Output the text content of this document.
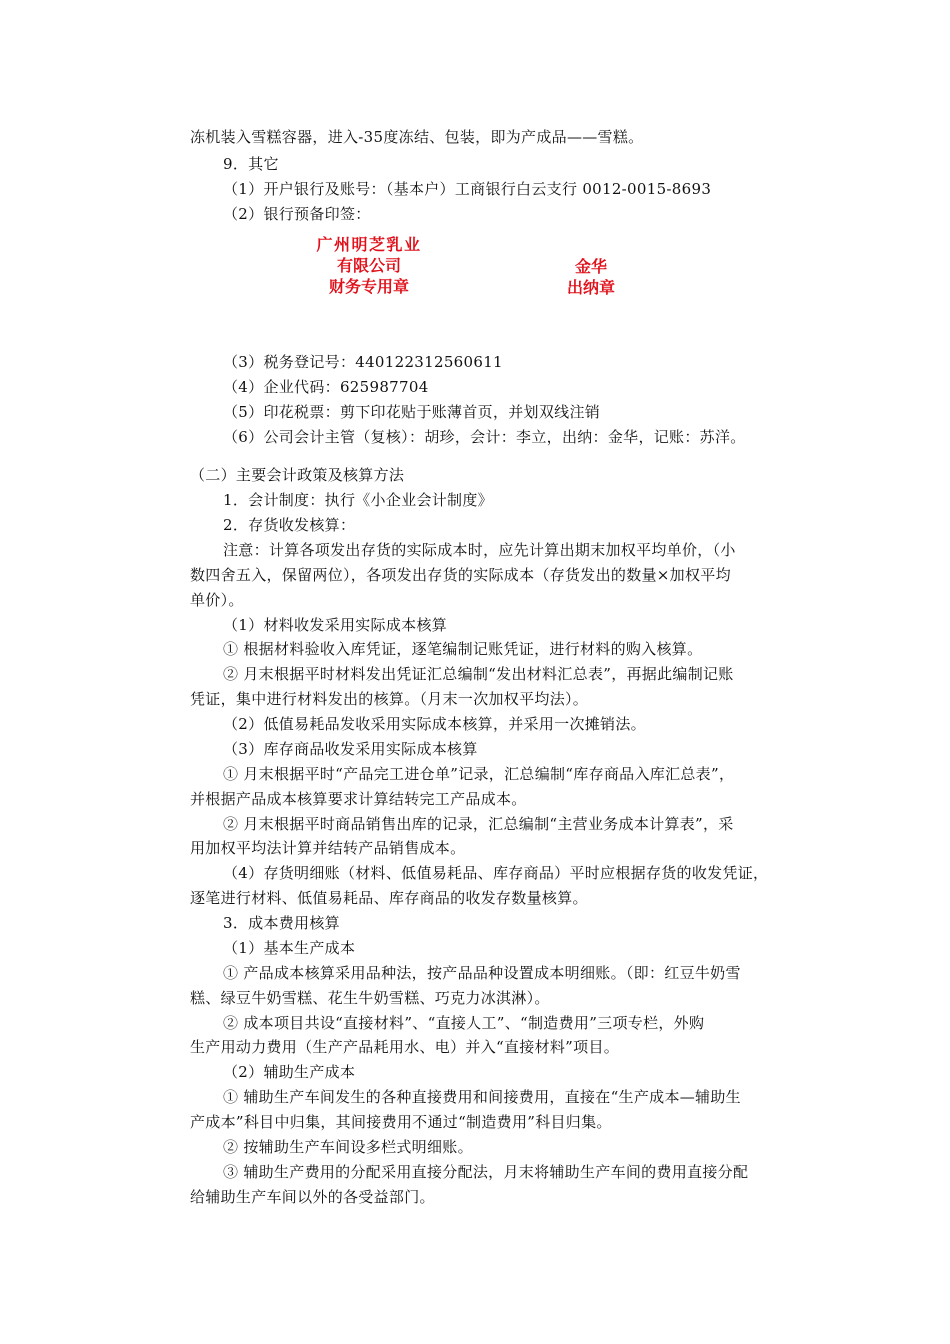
冻机装入雪糕容器，进入-35度冻结、包装，即为产成品——雪糕。
9．其它
（1）开户银行及账号：（基本户）工商银行白云支行 0012-0015-8693
（2）银行预备印签：
广州明芝乳业
有限公司
财务专用章
金华
出纳章
（3）税务登记号：440122312560611
（4）企业代码：625987704
（5）印花税票：剪下印花贴于账薄首页，并划双线注销
（6）公司会计主管（复核）：胡珍，会计：李立，出纳：金华，记账：苏洋。
（二）主要会计政策及核算方法
1．会计制度：执行《小企业会计制度》
2．存货收发核算：
注意：计算各项发出存货的实际成本时，应先计算出期末加权平均单价，（小
数四舍五入，保留两位），各项发出存货的实际成本（存货发出的数量×加权平均
单价）。
（1）材料收发采用实际成本核算
① 根据材料验收入库凭证，逐笔编制记账凭证，进行材料的购入核算。
② 月末根据平时材料发出凭证汇总编制“发出材料汇总表”，再据此编制记账
凭证，集中进行材料发出的核算。（月末一次加权平均法）。
（2）低值易耗品发收采用实际成本核算，并采用一次摊销法。
（3）库存商品收发采用实际成本核算
① 月末根据平时“产品完工进仓单”记录，汇总编制“库存商品入库汇总表”，
并根据产品成本核算要求计算结转完工产品成本。
② 月末根据平时商品销售出库的记录，汇总编制“主营业务成本计算表”，采
用加权平均法计算并结转产品销售成本。
（4）存货明细账（材料、低值易耗品、库存商品）平时应根据存货的收发凭证，
逐笔进行材料、低值易耗品、库存商品的收发存数量核算。
3．成本费用核算
（1）基本生产成本
① 产品成本核算采用品种法，按产品品种设置成本明细账。（即：红豆牛奶雪
糕、绿豆牛奶雪糕、花生牛奶雪糕、巧克力冰淇淋）。
② 成本项目共设“直接材料”、“直接人工”、“制造费用”三项专栏，外购
生产用动力费用（生产产品耗用水、电）并入“直接材料”项目。
（2）辅助生产成本
① 辅助生产车间发生的各种直接费用和间接费用，直接在“生产成本—辅助生
产成本”科目中归集，其间接费用不通过“制造费用”科目归集。
② 按辅助生产车间设多栏式明细账。
③ 辅助生产费用的分配采用直接分配法，月末将辅助生产车间的费用直接分配
给辅助生产车间以外的各受益部门。
